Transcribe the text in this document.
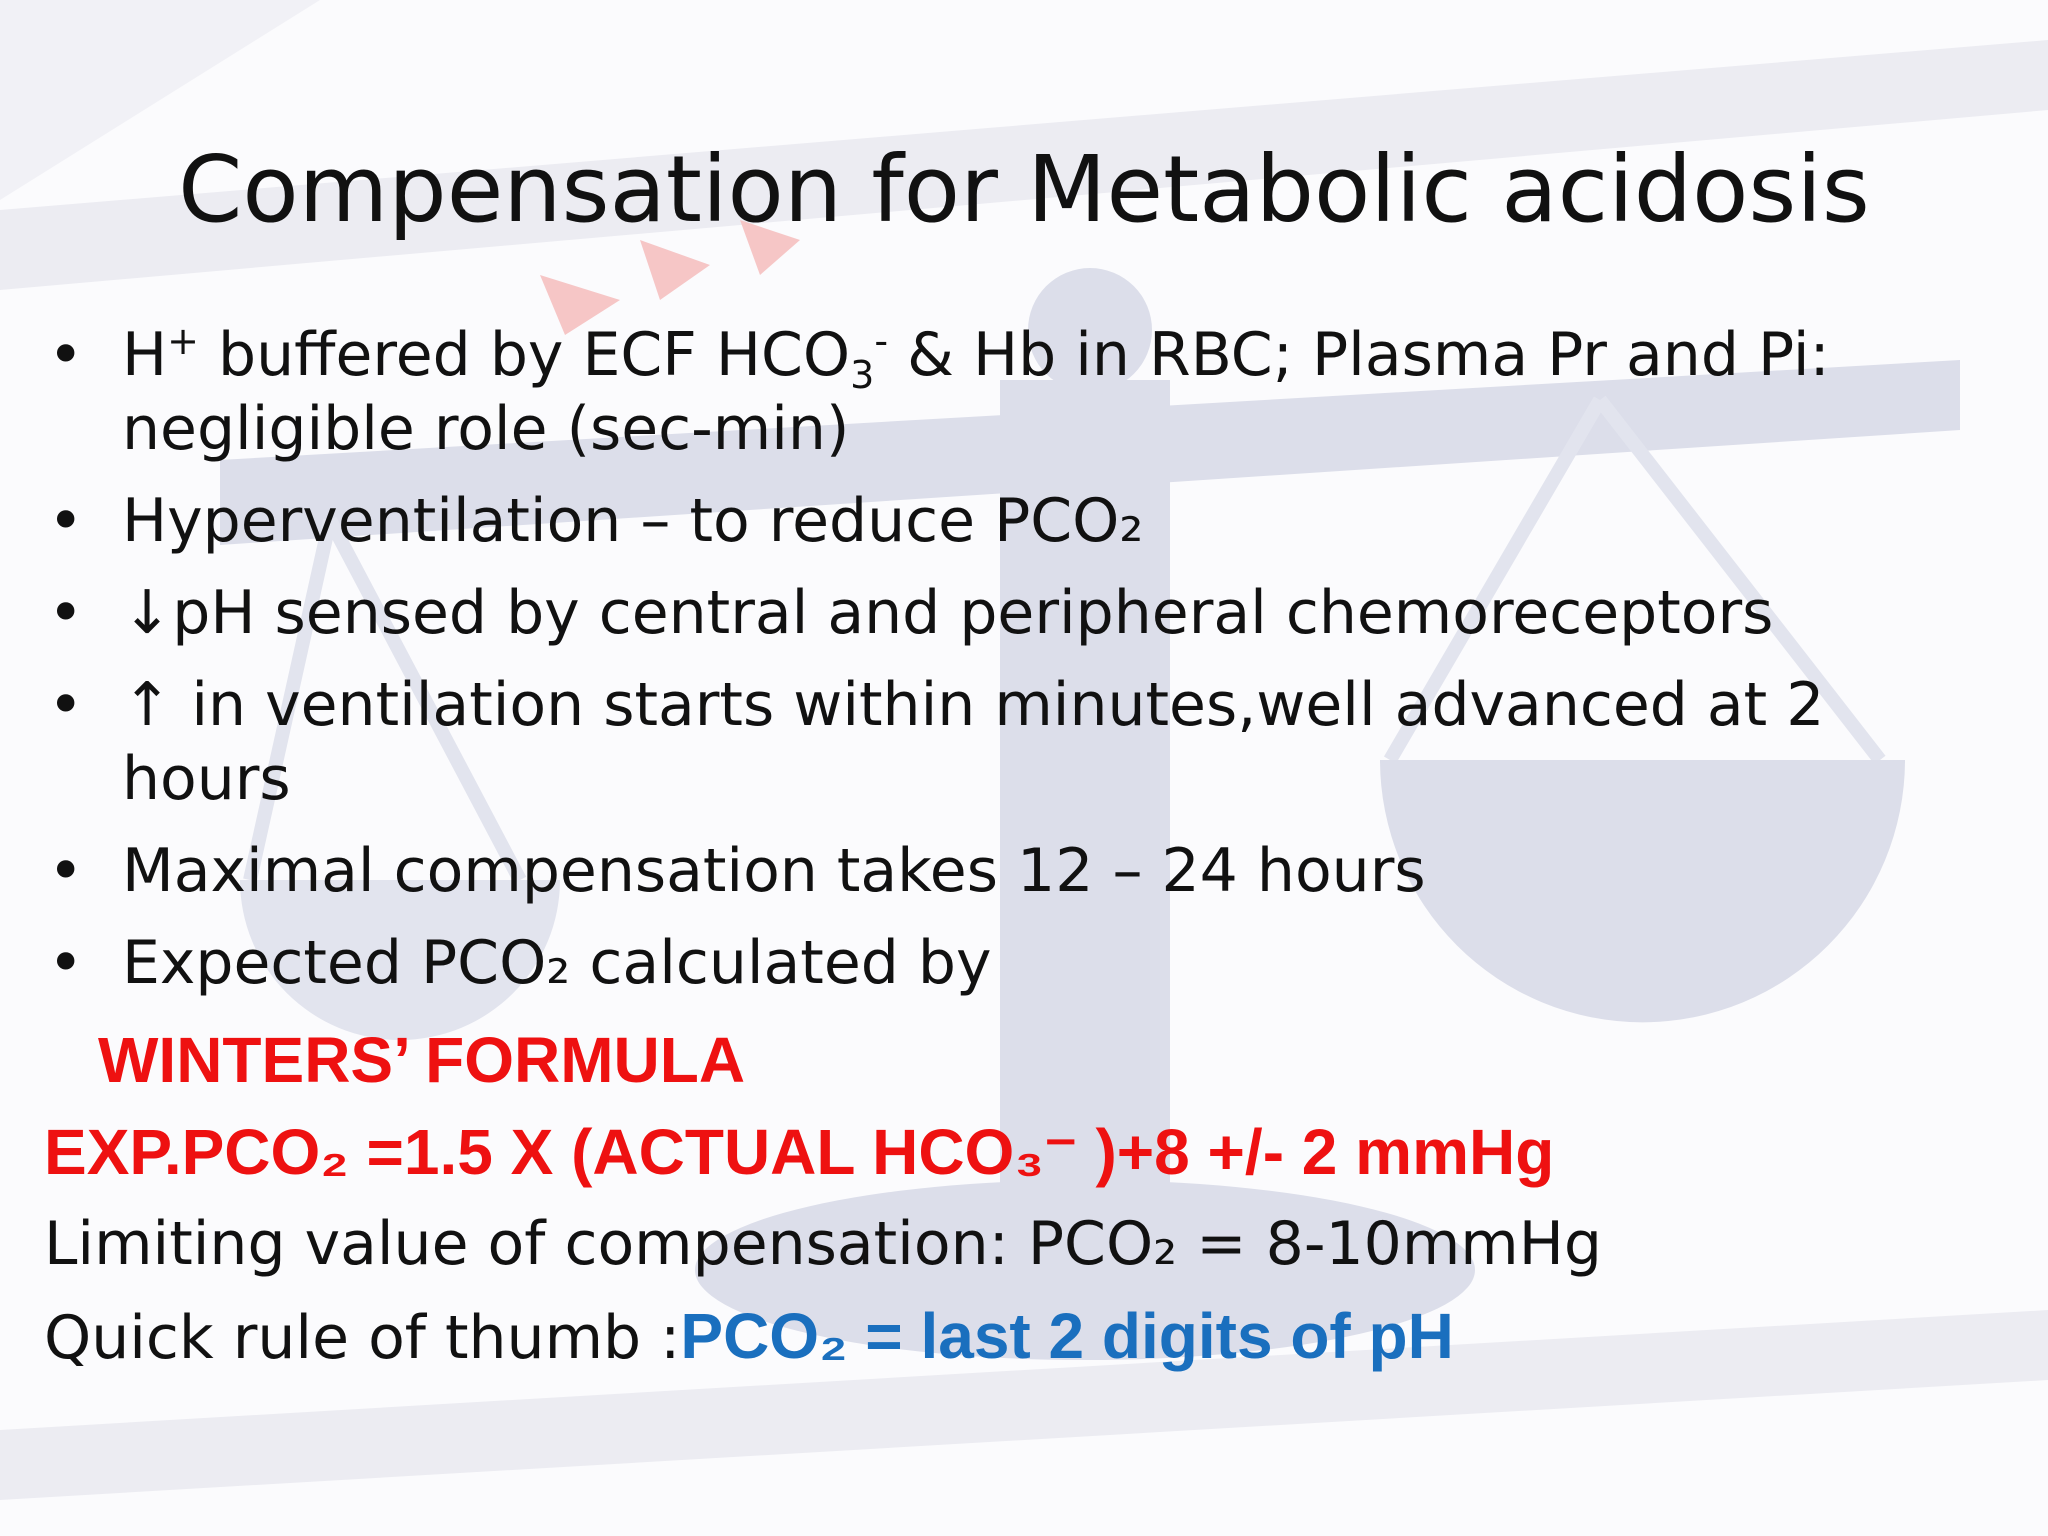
Compensation for Metabolic acidosis
• H+ buffered by ECF $HCO_3^-$ & Hb in RBC; Plasma Pr and Pi:
negligible role (sec-min)
• Hyperventilation – to reduce PCO₂
• ↓pH sensed by central and peripheral chemoreceptors
• ↑ in ventilation starts within minutes,well advanced at 2
hours
• Maximal compensation takes 12 – 24 hours
• Expected PCO₂ calculated by
WINTERS’ FORMULA
EXP.PCO₂ =1.5 X (ACTUAL HCO₃⁻ )+8 +/- 2 mmHg
Limiting value of compensation: PCO₂ = 8-10mmHg
Quick rule of thumb :PCO₂ = last 2 digits of pH
